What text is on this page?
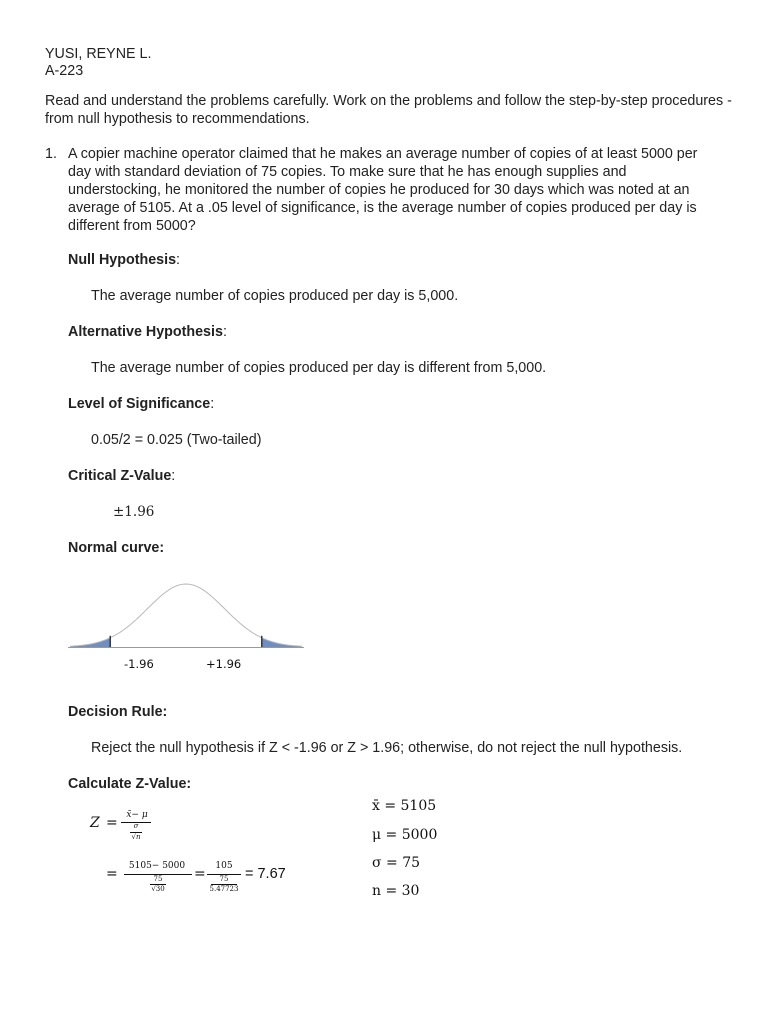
YUSI, REYNE L.
A-223
Read and understand the problems carefully. Work on the problems and follow the step-by-step procedures - from null hypothesis to recommendations.
1. A copier machine operator claimed that he makes an average number of copies of at least 5000 per day with standard deviation of 75 copies. To make sure that he has enough supplies and understocking, he monitored the number of copies he produced for 30 days which was noted at an average of 5105. At a .05 level of significance, is the average number of copies produced per day is different from 5000?
Null Hypothesis:
The average number of copies produced per day is 5,000.
Alternative Hypothesis:
The average number of copies produced per day is different from 5,000.
Level of Significance:
0.05/2 = 0.025 (Two-tailed)
Critical Z-Value:
±1.96
Normal curve:
-1.96	+1.96
Decision Rule:
Reject the null hypothesis if Z < -1.96 or Z > 1.96; otherwise, do not reject the null hypothesis.
Calculate Z-Value:
Z = x̄− μ
σ
√n
=	5105− 5000
75
√30
=	105
75
5.47723
= 7.67
x̄ = 5105
μ = 5000
σ = 75
n = 30
